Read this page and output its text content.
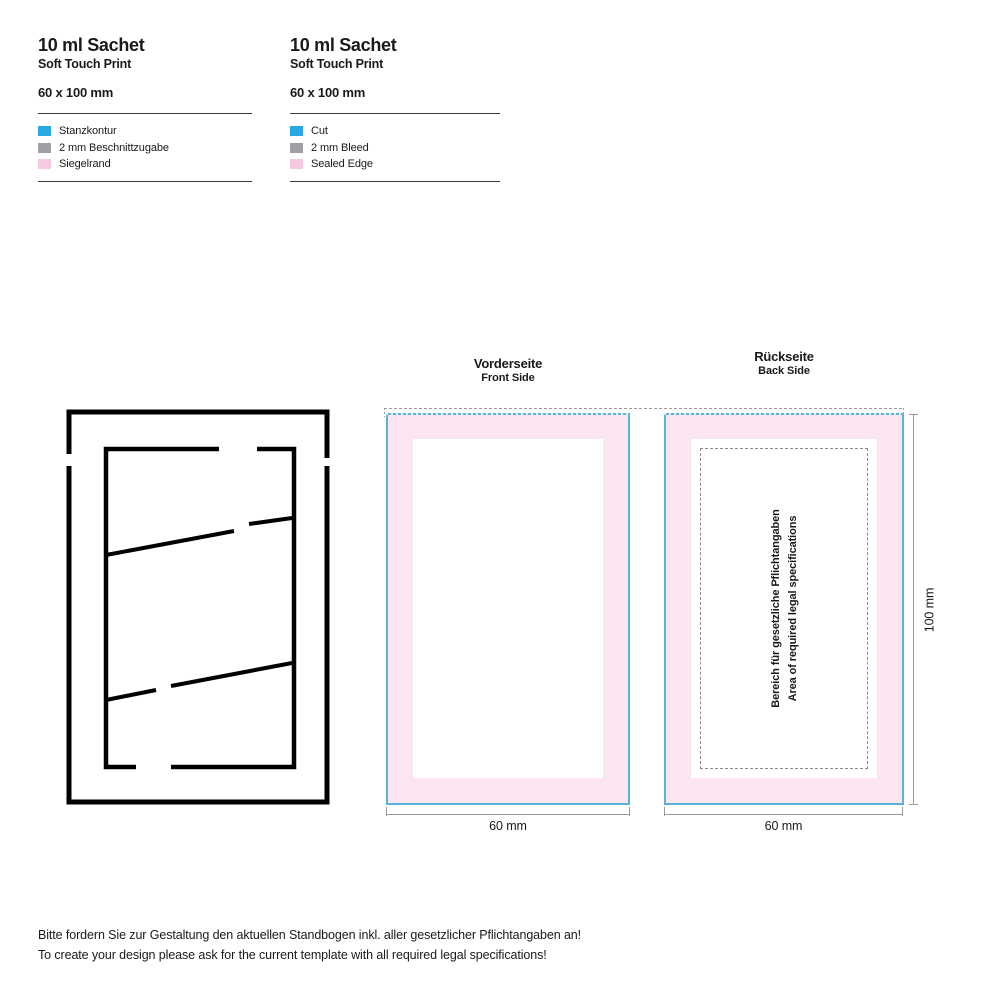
10 ml Sachet
Soft Touch Print
60 x 100 mm
Stanzkontur
2 mm Beschnittzugabe
Siegelrand
10 ml Sachet
Soft Touch Print
60 x 100 mm
Cut
2 mm Bleed
Sealed Edge
Vorderseite
Front Side
Rückseite
Back Side
Bereich für gesetzliche Pflichtangaben Area of required legal specifications
60 mm	60 mm
100 mm
Bitte fordern Sie zur Gestaltung den aktuellen Standbogen inkl. aller gesetzlicher Pflichtangaben an!
To create your design please ask for the current template with all required legal specifications!
